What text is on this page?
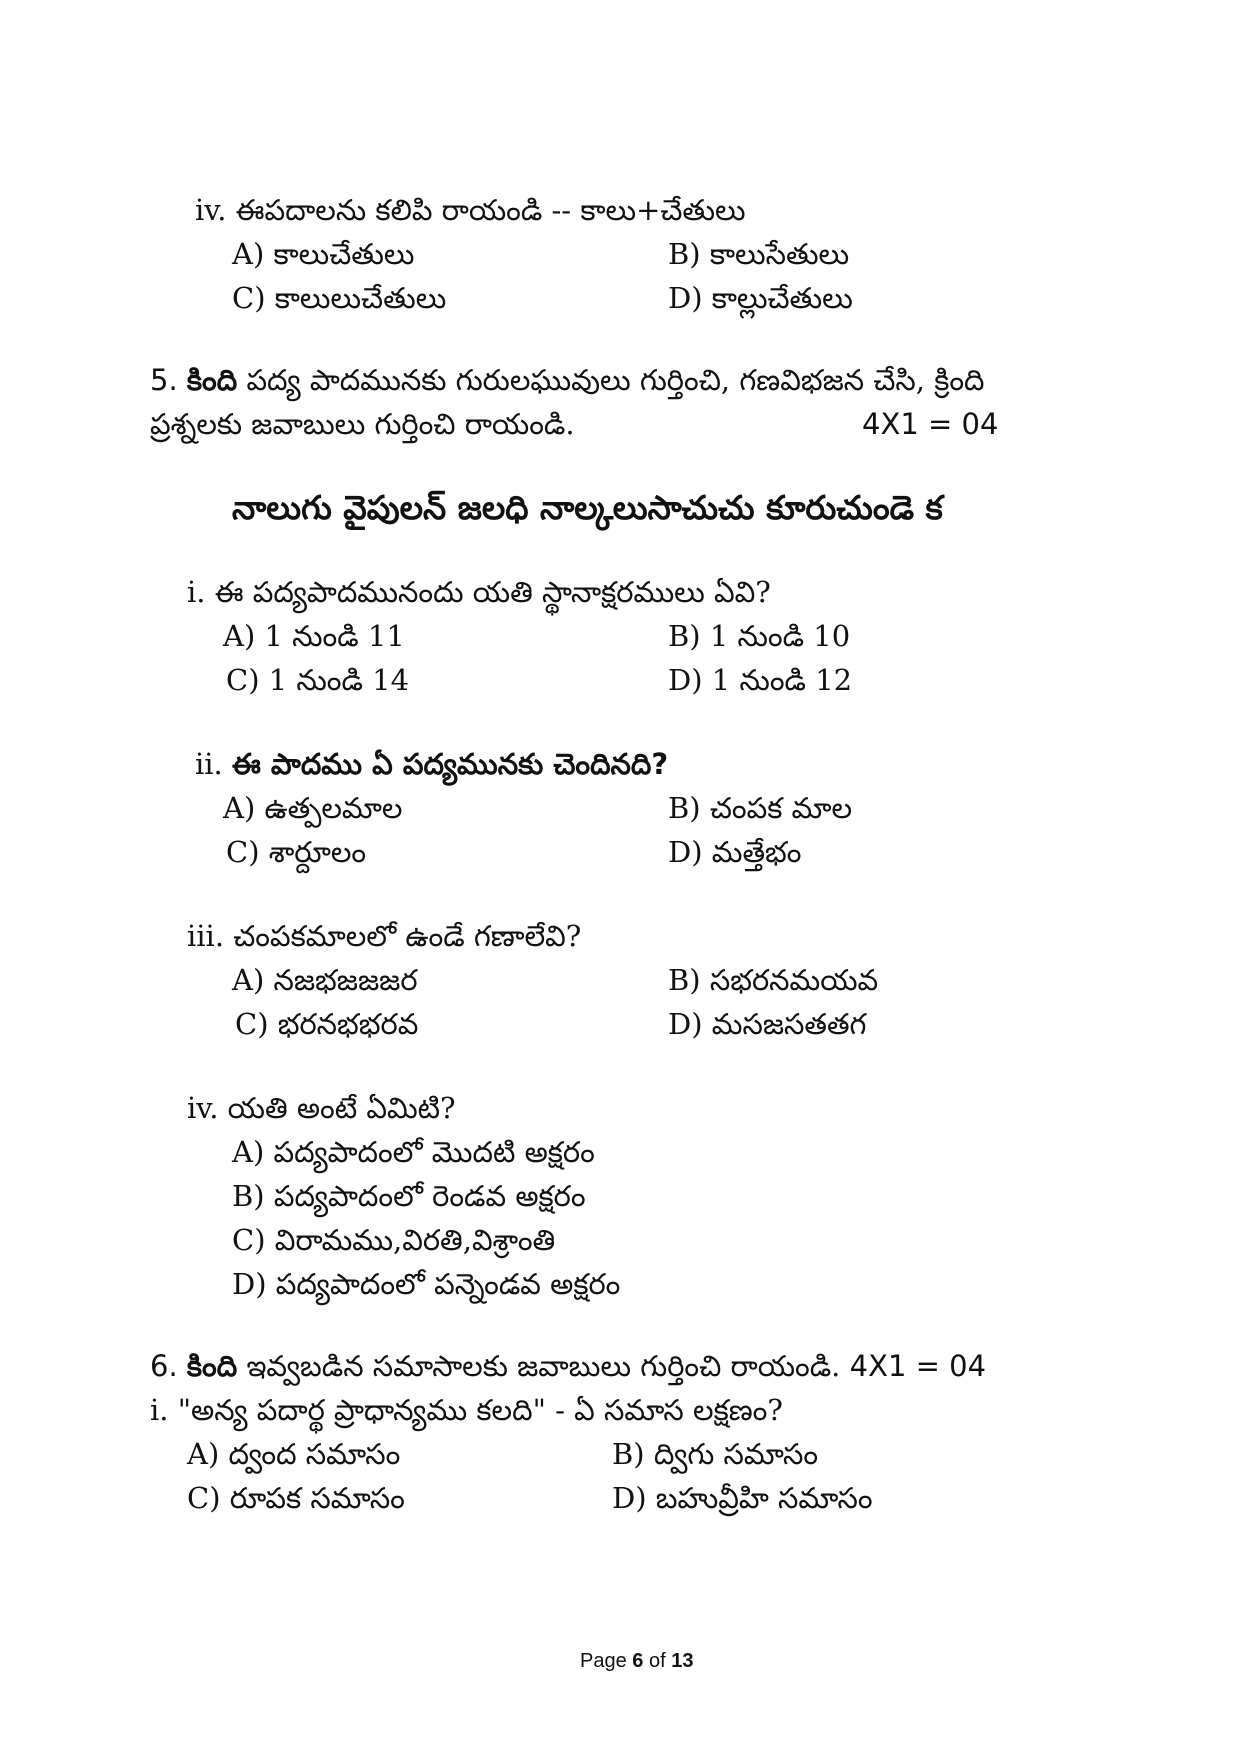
iv. ఈపదాలను కలిపి రాయండి -- కాలు+చేతులు
A) కాలుచేతులు	B) కాలుసేతులు
C) కాలులుచేతులు	D) కాల్లుచేతులు
5. కింది పద్య పాదమునకు గురులఘువులు గుర్తించి, గణవిభజన చేసి, క్రింది
ప్రశ్నలకు జవాబులు గుర్తించి రాయండి.	4X1 = 04
నాలుగు వైపులన్ జలధి నాల్కలుసాచుచు కూరుచుండె క
i. ఈ పద్యపాదమునందు యతి స్థానాక్షరములు ఏవి?
A) 1 నుండి 11	B) 1 నుండి 10
C) 1 నుండి 14	D) 1 నుండి 12
ii. ఈ పాదము ఏ పద్యమునకు చెందినది?
A) ఉత్పలమాల	B) చంపక మాల
C) శార్దూలం	D) మత్తేభం
iii. చంపకమాలలో ఉండే గణాలేవి?
A) నజభజజజర	B) సభరనమయవ
C) భరనభభరవ	D) మసజసతతగ
iv. యతి అంటే ఏమిటి?
A) పద్యపాదంలో మొదటి అక్షరం
B) పద్యపాదంలో రెండవ అక్షరం
C) విరామము,విరతి,విశ్రాంతి
D) పద్యపాదంలో పన్నెండవ అక్షరం
6. కింది ఇవ్వబడిన సమాసాలకు జవాబులు గుర్తించి రాయండి. 4X1 = 04
i. "అన్య పదార్థ ప్రాధాన్యము కలది" - ఏ సమాస లక్షణం?
A) ద్వంద సమాసం	B) ద్విగు సమాసం
C) రూపక సమాసం	D) బహువ్రీహి సమాసం
Page 6 of 13
